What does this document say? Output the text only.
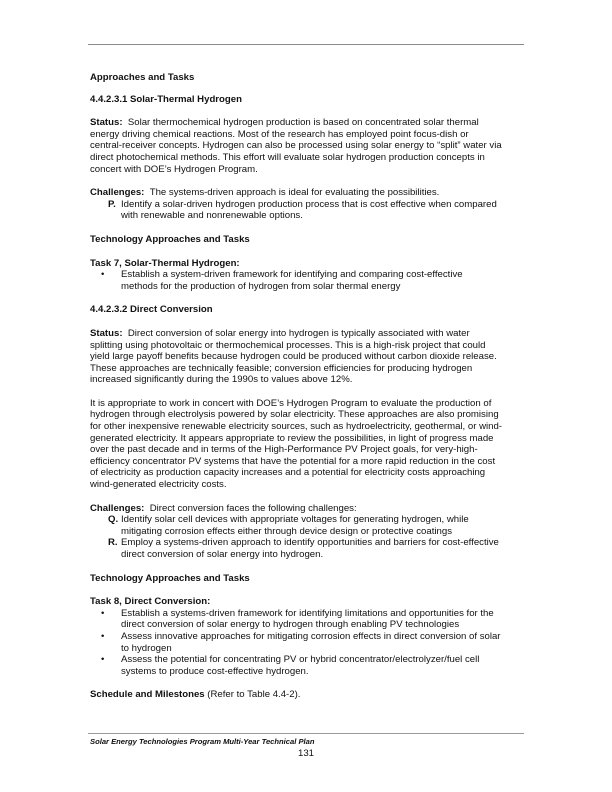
Approaches and Tasks

4.4.2.3.1 Solar-Thermal Hydrogen

Status: Solar thermochemical hydrogen production is based on concentrated solar thermal
energy driving chemical reactions. Most of the research has employed point focus-dish or
central-receiver concepts. Hydrogen can also be processed using solar energy to “split” water via
direct photochemical methods. This effort will evaluate solar hydrogen production concepts in
concert with DOE’s Hydrogen Program.
Challenges: The systems-driven approach is ideal for evaluating the possibilities.
P. Identify a solar-driven hydrogen production process that is cost effective when compared
with renewable and nonrenewable options.

Technology Approaches and Tasks

Task 7, Solar-Thermal Hydrogen:

• Establish a system-driven framework for identifying and comparing cost-effective
methods for the production of hydrogen from solar thermal energy

4.4.2.3.2 Direct Conversion

Status: Direct conversion of solar energy into hydrogen is typically associated with water
splitting using photovoltaic or thermochemical processes. This is a high-risk project that could
yield large payoff benefits because hydrogen could be produced without carbon dioxide release.
These approaches are technically feasible; conversion efficiencies for producing hydrogen
increased significantly during the 1990s to values above 12%.
It is appropriate to work in concert with DOE’s Hydrogen Program to evaluate the production of
hydrogen through electrolysis powered by solar electricity. These approaches are also promising
for other inexpensive renewable electricity sources, such as hydroelectricity, geothermal, or wind-
generated electricity. It appears appropriate to review the possibilities, in light of progress made
over the past decade and in terms of the High-Performance PV Project goals, for very-high-
efficiency concentrator PV systems that have the potential for a more rapid reduction in the cost
of electricity as production capacity increases and a potential for electricity costs approaching
wind-generated electricity costs.
Challenges: Direct conversion faces the following challenges:
Q. Identify solar cell devices with appropriate voltages for generating hydrogen, while
mitigating corrosion effects either through device design or protective coatings
R. Employ a systems-driven approach to identify opportunities and barriers for cost-effective
direct conversion of solar energy into hydrogen.

Technology Approaches and Tasks

Task 8, Direct Conversion:

• Establish a systems-driven framework for identifying limitations and opportunities for the
direct conversion of solar energy to hydrogen through enabling PV technologies
• Assess innovative approaches for mitigating corrosion effects in direct conversion of solar
to hydrogen
• Assess the potential for concentrating PV or hybrid concentrator/electrolyzer/fuel cell
systems to produce cost-effective hydrogen.
Schedule and Milestones (Refer to Table 4.4-2).
Solar Energy Technologies Program Multi-Year Technical Plan
131
